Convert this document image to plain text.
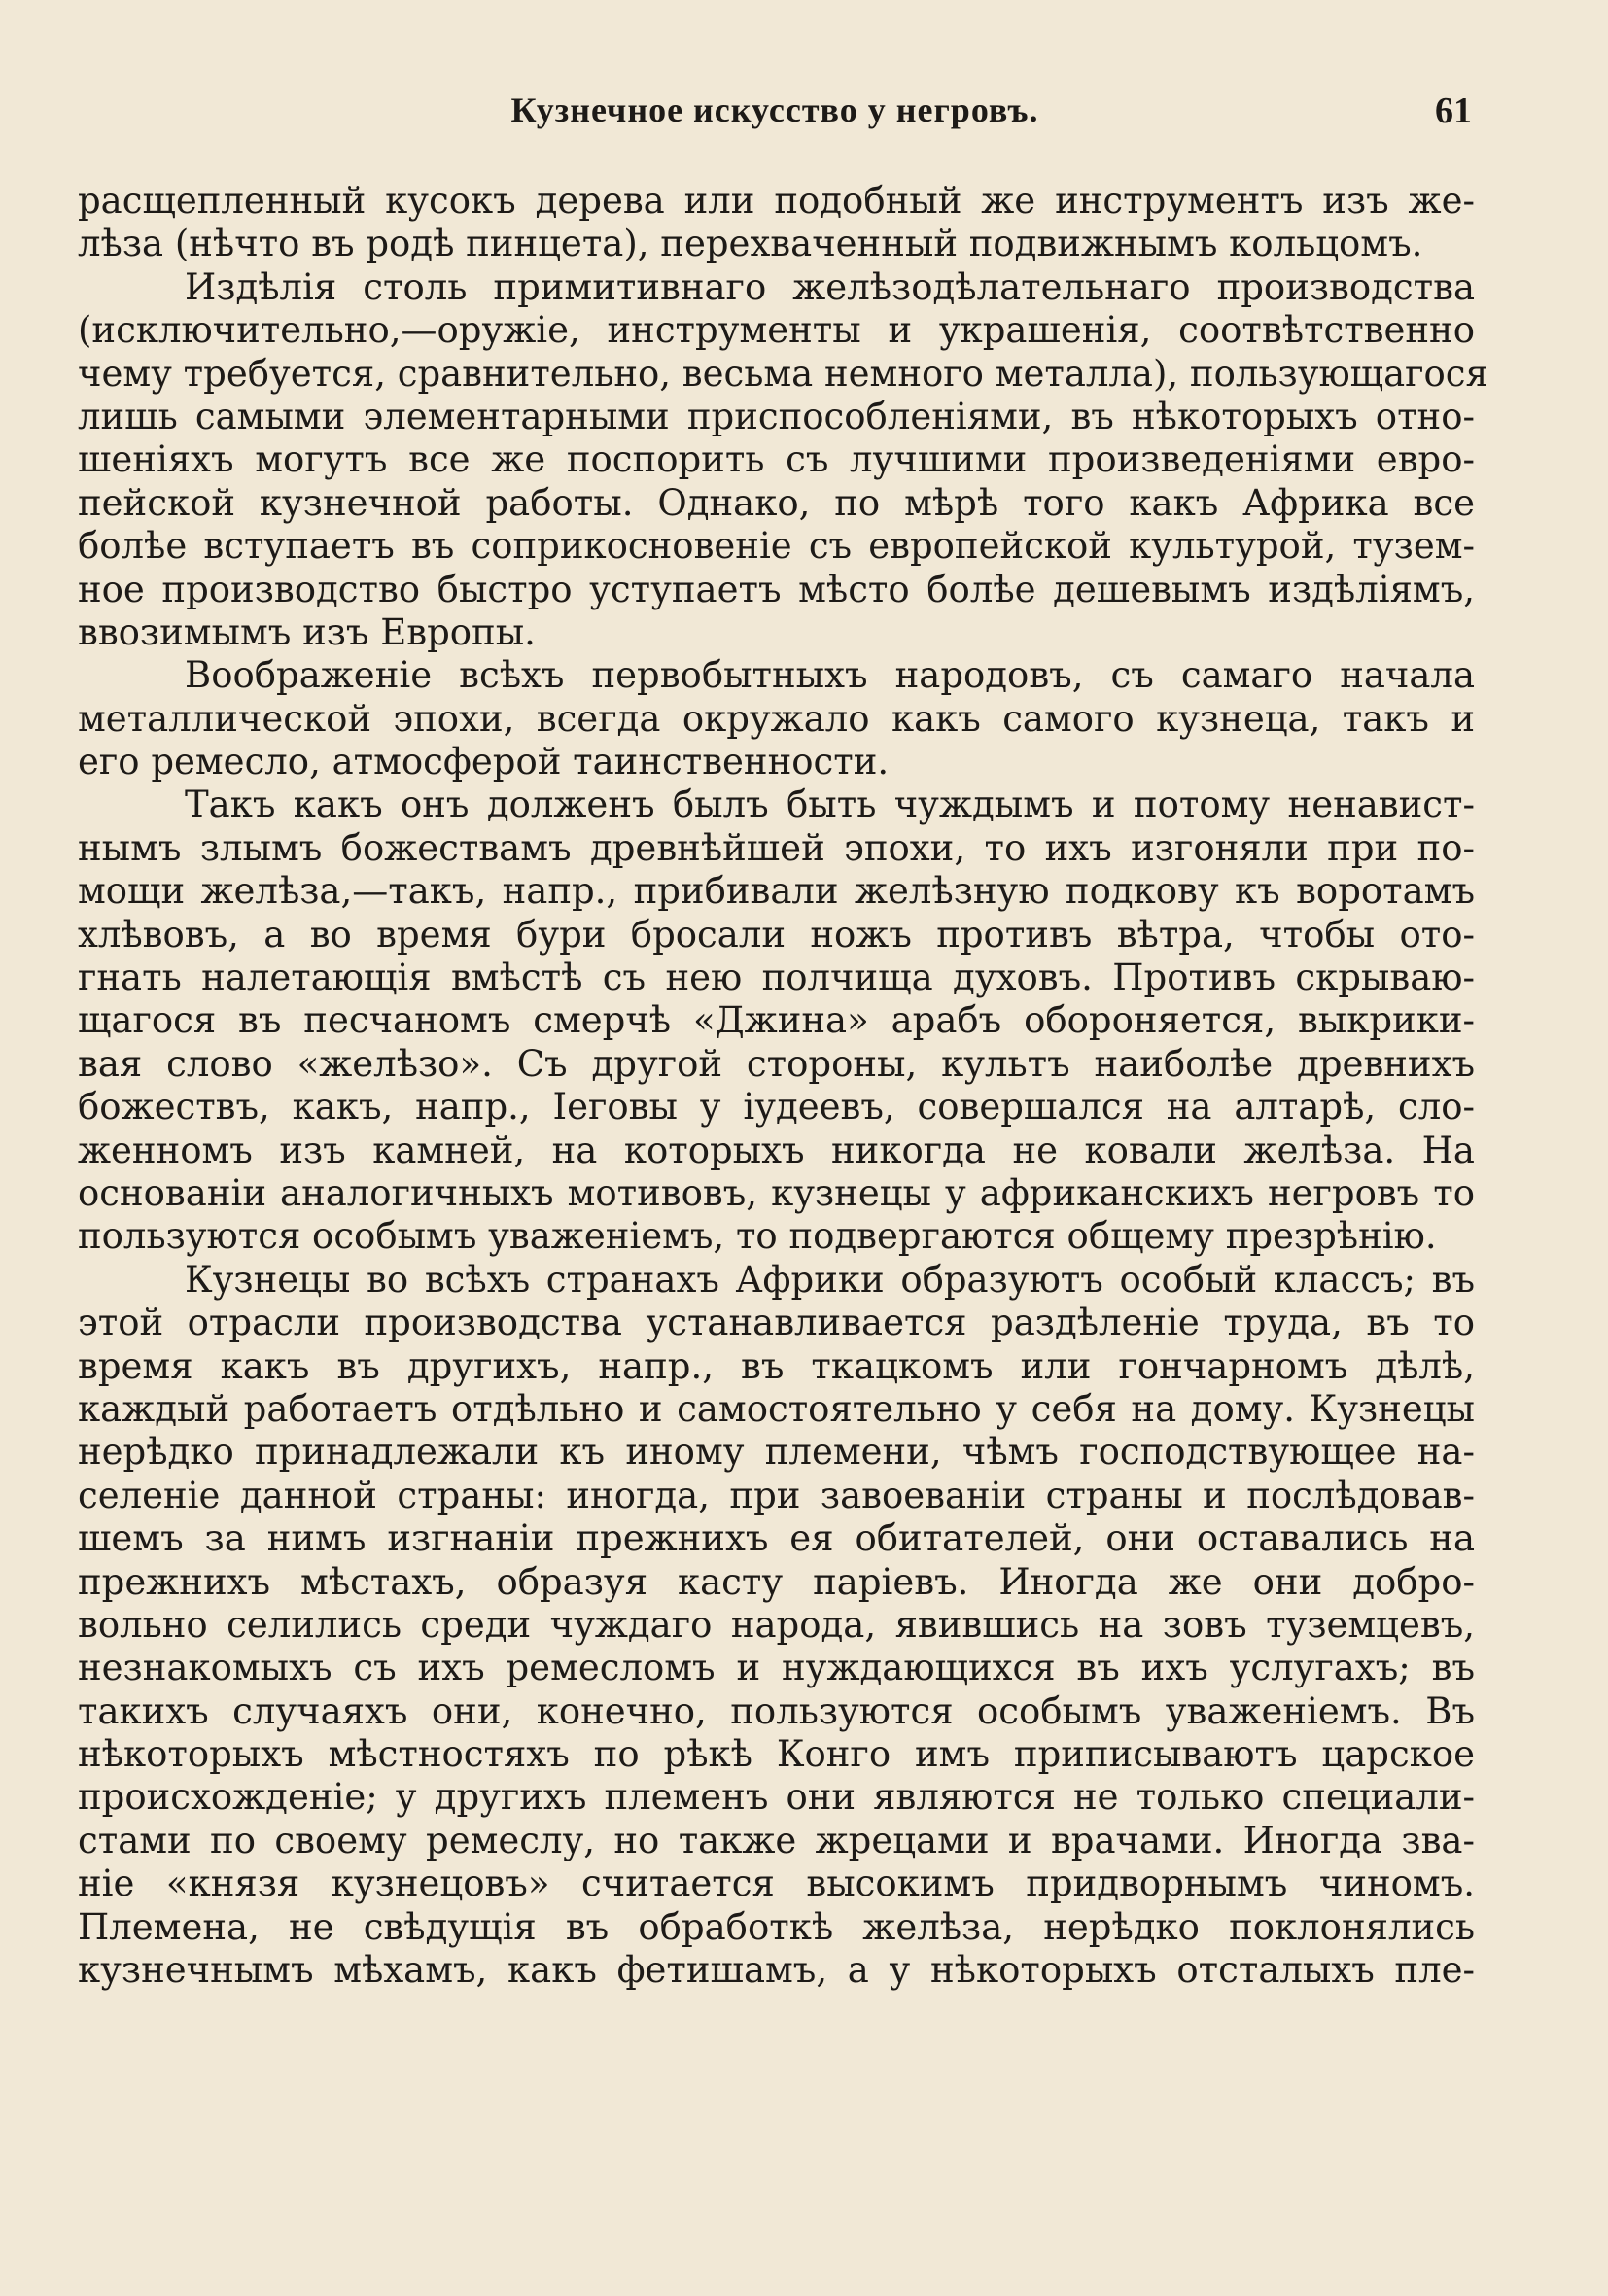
Кузнечное искусство у негровъ.	61

расщепленный кусокъ дерева или подобный же инструментъ изъ же-
лѣза (нѣчто въ родѣ пинцета), перехваченный подвижнымъ кольцомъ.

Издѣлія столь примитивнаго желѣзодѣлательнаго производства
(исключительно,—оружіе, инструменты и украшенія, соотвѣтственно
чему требуется, сравнительно, весьма немного металла), пользующагося
лишь самыми элементарными приспособленіями, въ нѣкоторыхъ отно-
шеніяхъ могутъ все же поспорить съ лучшими произведеніями евро-
пейской кузнечной работы. Однако, по мѣрѣ того какъ Африка все
болѣе вступаетъ въ соприкосновеніе съ европейской культурой, тузем-
ное производство быстро уступаетъ мѣсто болѣе дешевымъ издѣліямъ,
ввозимымъ изъ Европы.

Воображеніе всѣхъ первобытныхъ народовъ, съ самаго начала
металлической эпохи, всегда окружало какъ самого кузнеца, такъ и
его ремесло, атмосферой таинственности.

Такъ какъ онъ долженъ былъ быть чуждымъ и потому ненавист-
нымъ злымъ божествамъ древнѣйшей эпохи, то ихъ изгоняли при по-
мощи желѣза,—такъ, напр., прибивали желѣзную подкову къ воротамъ
хлѣвовъ, а во время бури бросали ножъ противъ вѣтра, чтобы ото-
гнать налетающія вмѣстѣ съ нею полчища духовъ. Противъ скрываю-
щагося въ песчаномъ смерчѣ «Джина» арабъ обороняется, выкрики-
вая слово «желѣзо». Съ другой стороны, культъ наиболѣе древнихъ
божествъ, какъ, напр., Іеговы у іудеевъ, совершался на алтарѣ, сло-
женномъ изъ камней, на которыхъ никогда не ковали желѣза. На
основаніи аналогичныхъ мотивовъ, кузнецы у африканскихъ негровъ то
пользуются особымъ уваженіемъ, то подвергаются общему презрѣнію.

Кузнецы во всѣхъ странахъ Африки образуютъ особый классъ; въ
этой отрасли производства устанавливается раздѣленіе труда, въ то
время какъ въ другихъ, напр., въ ткацкомъ или гончарномъ дѣлѣ,
каждый работаетъ отдѣльно и самостоятельно у себя на дому. Кузнецы
нерѣдко принадлежали къ иному племени, чѣмъ господствующее на-
селеніе данной страны: иногда, при завоеваніи страны и послѣдовав-
шемъ за нимъ изгнаніи прежнихъ ея обитателей, они оставались на
прежнихъ мѣстахъ, образуя касту паріевъ. Иногда же они добро-
вольно селились среди чуждаго народа, явившись на зовъ туземцевъ,
незнакомыхъ съ ихъ ремесломъ и нуждающихся въ ихъ услугахъ; въ
такихъ случаяхъ они, конечно, пользуются особымъ уваженіемъ. Въ
нѣкоторыхъ мѣстностяхъ по рѣкѣ Конго имъ приписываютъ царское
происхожденіе; у другихъ племенъ они являются не только специали-
стами по своему ремеслу, но также жрецами и врачами. Иногда зва-
ніе «князя кузнецовъ» считается высокимъ придворнымъ чиномъ.
Племена, не свѣдущія въ обработкѣ желѣза, нерѣдко поклонялись
кузнечнымъ мѣхамъ, какъ фетишамъ, а у нѣкоторыхъ отсталыхъ пле-
